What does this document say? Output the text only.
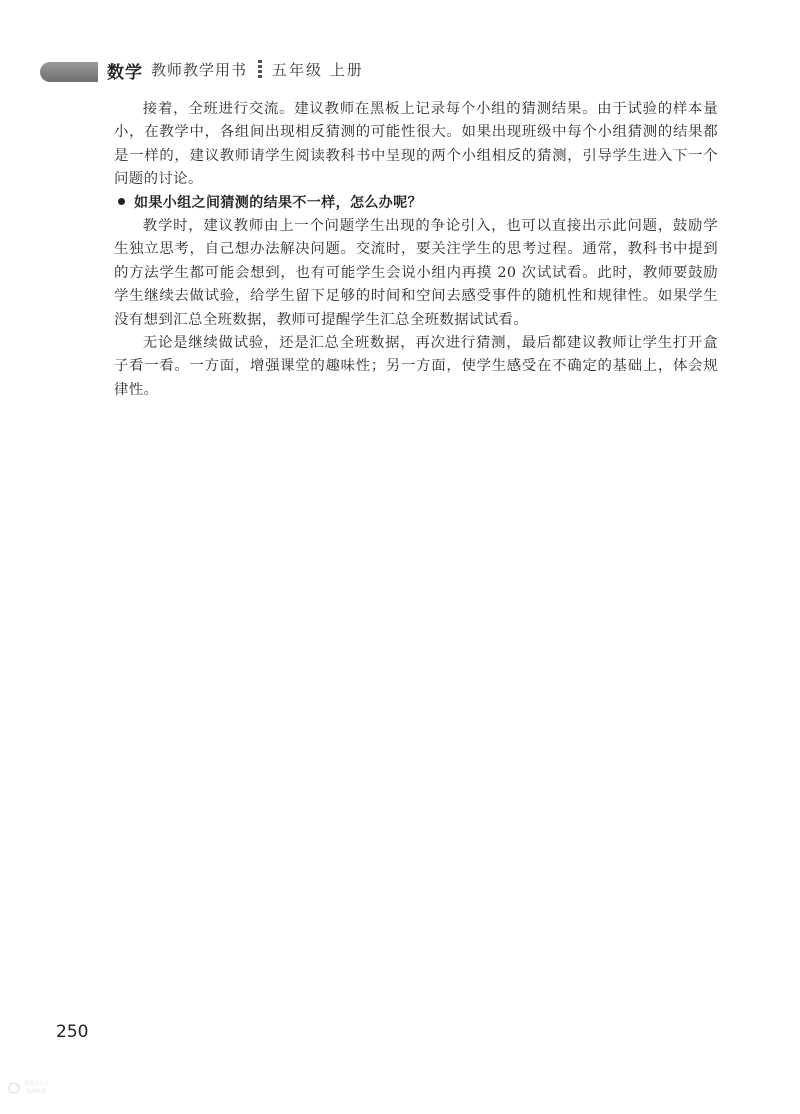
数学 教师教学用书 五年级 上册

接着，全班进行交流。建议教师在黑板上记录每个小组的猜测结果。由于试验的样本量小，在教学中，各组间出现相反猜测的可能性很大。如果出现班级中每个小组猜测的结果都是一样的，建议教师请学生阅读教科书中呈现的两个小组相反的猜测，引导学生进入下一个问题的讨论。

如果小组之间猜测的结果不一样，怎么办呢？

教学时，建议教师由上一个问题学生出现的争论引入，也可以直接出示此问题，鼓励学生独立思考，自己想办法解决问题。交流时，要关注学生的思考过程。通常，教科书中提到的方法学生都可能会想到，也有可能学生会说小组内再摸 20 次试试看。此时，教师要鼓励学生继续去做试验，给学生留下足够的时间和空间去感受事件的随机性和规律性。如果学生没有想到汇总全班数据，教师可提醒学生汇总全班数据试试看。

无论是继续做试验，还是汇总全班数据，再次进行猜测，最后都建议教师让学生打开盒子看一看。一方面，增强课堂的趣味性；另一方面，使学生感受在不确定的基础上，体会规律性。

250
教育公共号 资源数据
